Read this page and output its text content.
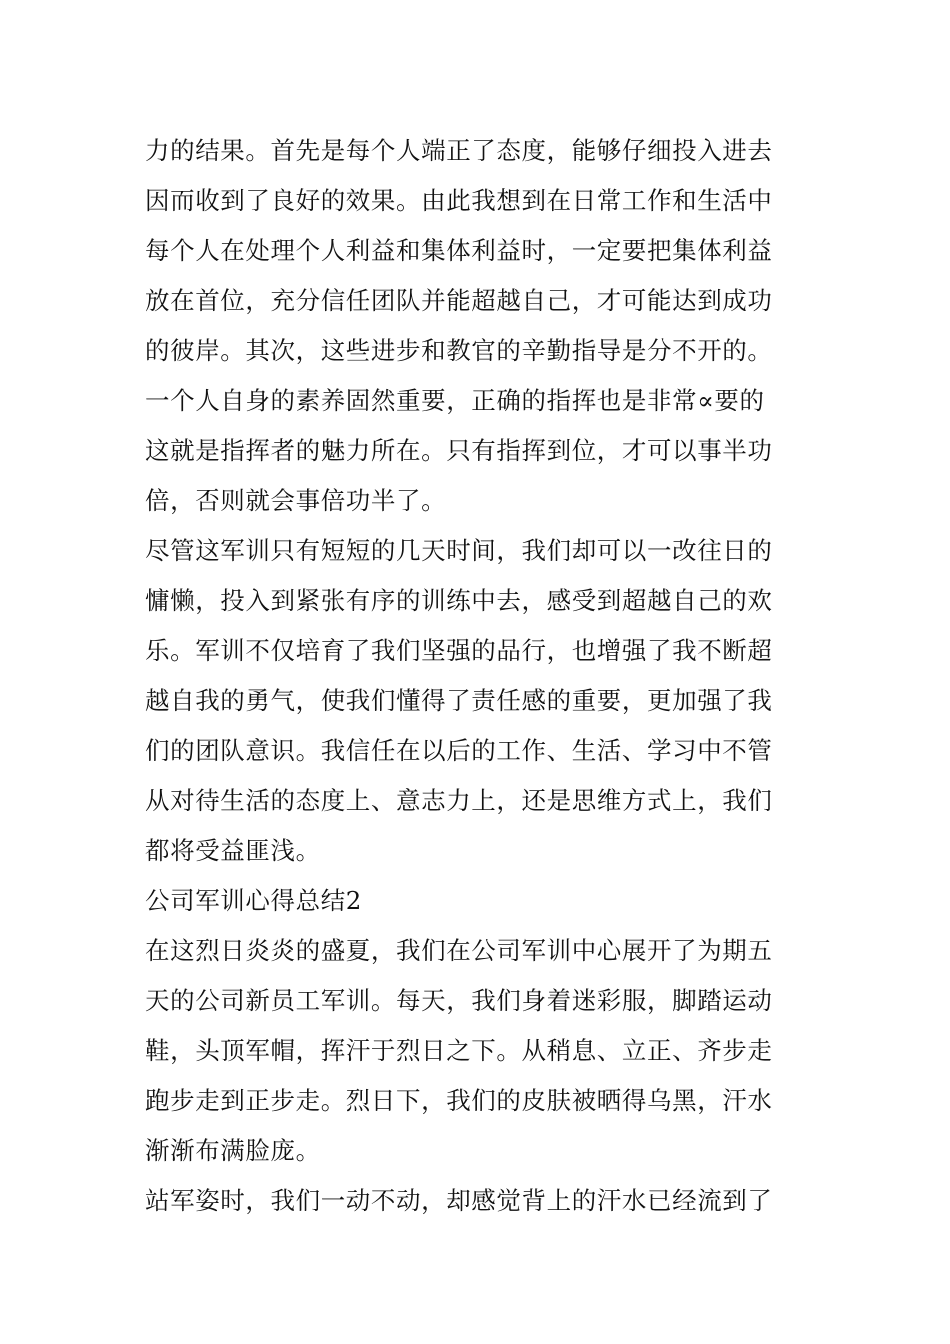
力的结果。首先是每个人端正了态度，能够仔细投入进去
因而收到了良好的效果。由此我想到在日常工作和生活中
每个人在处理个人利益和集体利益时，一定要把集体利益
放在首位，充分信任团队并能超越自己，才可能达到成功
的彼岸。其次，这些进步和教官的辛勤指导是分不开的。
一个人自身的素养固然重要，正确的指挥也是非常∝要的
这就是指挥者的魅力所在。只有指挥到位，才可以事半功
倍，否则就会事倍功半了。
尽管这军训只有短短的几天时间，我们却可以一改往日的
慵懒，投入到紧张有序的训练中去，感受到超越自己的欢
乐。军训不仅培育了我们坚强的品行，也增强了我不断超
越自我的勇气，使我们懂得了责任感的重要，更加强了我
们的团队意识。我信任在以后的工作、生活、学习中不管
从对待生活的态度上、意志力上，还是思维方式上，我们
都将受益匪浅。
公司军训心得总结2
在这烈日炎炎的盛夏，我们在公司军训中心展开了为期五
天的公司新员工军训。每天，我们身着迷彩服，脚踏运动
鞋，头顶军帽，挥汗于烈日之下。从稍息、立正、齐步走
跑步走到正步走。烈日下，我们的皮肤被晒得乌黑，汗水
渐渐布满脸庞。
站军姿时，我们一动不动，却感觉背上的汗水已经流到了
